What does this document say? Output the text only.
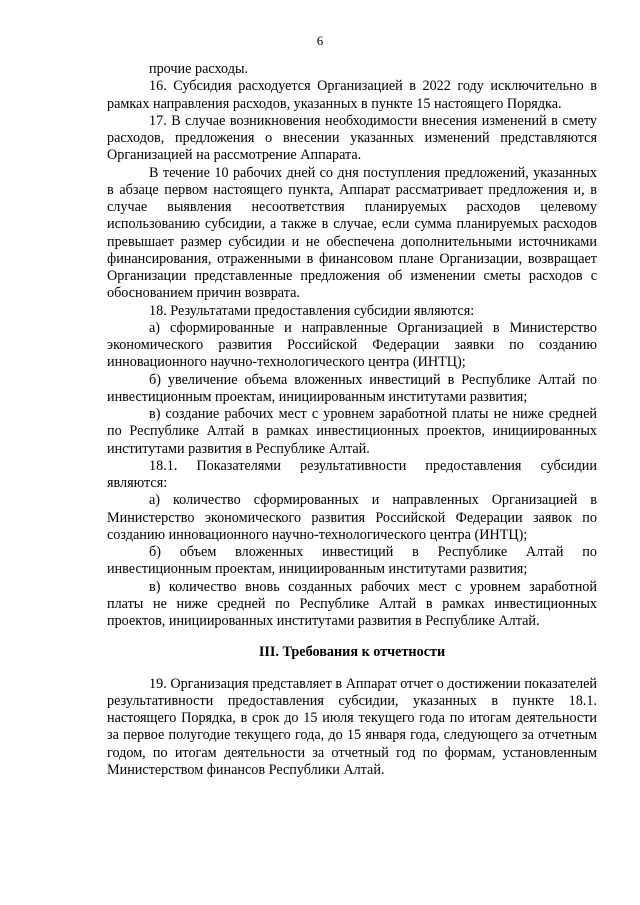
6

прочие расходы.

16. Субсидия расходуется Организацией в 2022 году исключительно в рамках направления расходов, указанных в пункте 15 настоящего Порядка.

17. В случае возникновения необходимости внесения изменений в смету расходов, предложения о внесении указанных изменений представляются Организацией на рассмотрение Аппарата.

В течение 10 рабочих дней со дня поступления предложений, указанных в абзаце первом настоящего пункта, Аппарат рассматривает предложения и, в случае выявления несоответствия планируемых расходов целевому использованию субсидии, а также в случае, если сумма планируемых расходов превышает размер субсидии и не обеспечена дополнительными источниками финансирования, отраженными в финансовом плане Организации, возвращает Организации представленные предложения об изменении сметы расходов с обоснованием причин возврата.

18. Результатами предоставления субсидии являются:

а) сформированные и направленные Организацией в Министерство экономического развития Российской Федерации заявки по созданию инновационного научно-технологического центра (ИНТЦ);

б) увеличение объема вложенных инвестиций в Республике Алтай по инвестиционным проектам, инициированным институтами развития;

в) создание рабочих мест с уровнем заработной платы не ниже средней по Республике Алтай в рамках инвестиционных проектов, инициированных институтами развития в Республике Алтай.

18.1. Показателями результативности предоставления субсидии являются:

а) количество сформированных и направленных Организацией в Министерство экономического развития Российской Федерации заявок по созданию инновационного научно-технологического центра (ИНТЦ);

б) объем вложенных инвестиций в Республике Алтай по инвестиционным проектам, инициированным институтами развития;

в) количество вновь созданных рабочих мест с уровнем заработной платы не ниже средней по Республике Алтай в рамках инвестиционных проектов, инициированных институтами развития в Республике Алтай.

III. Требования к отчетности

19. Организация представляет в Аппарат отчет о достижении показателей результативности предоставления субсидии, указанных в пункте 18.1. настоящего Порядка, в срок до 15 июля текущего года по итогам деятельности за первое полугодие текущего года, до 15 января года, следующего за отчетным годом, по итогам деятельности за отчетный год по формам, установленным Министерством финансов Республики Алтай.
